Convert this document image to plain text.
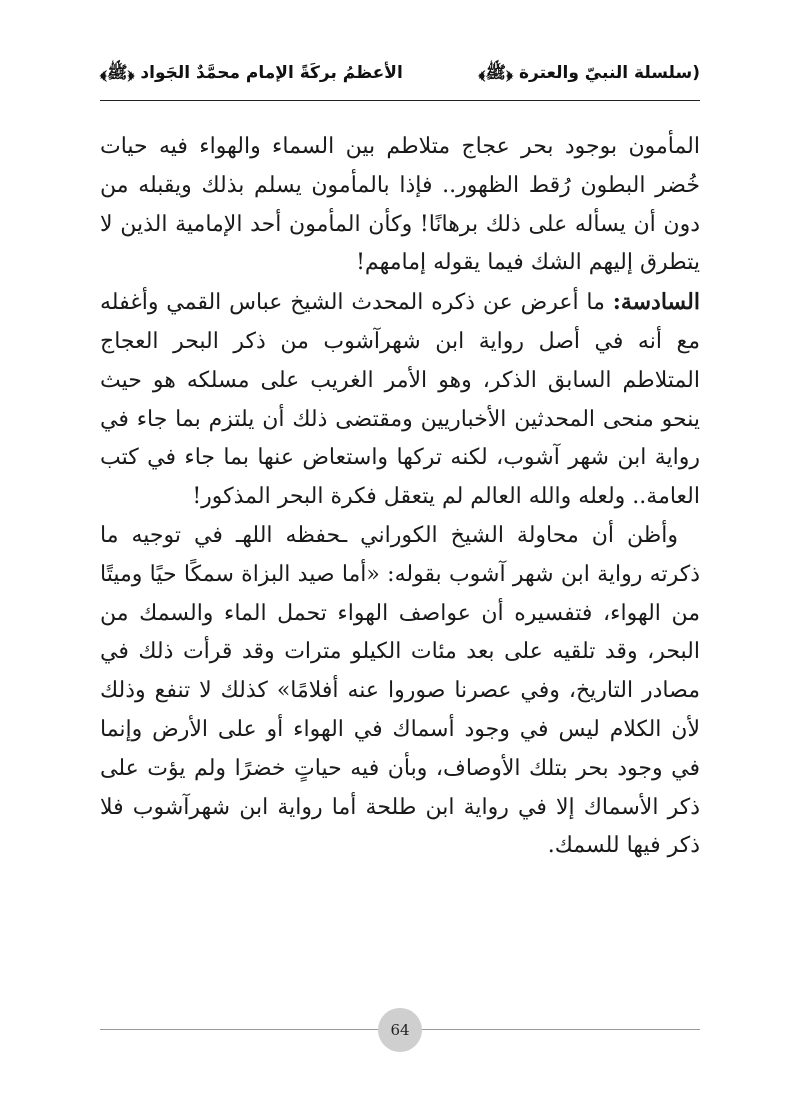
(سلسلة النبيّ والعترة ﴿ﷺ﴾
الأعظمُ بركَةً الإمام محمَّدٌ الجَواد ﴿ﷺ﴾

المأمون بوجود بحر عجاج متلاطم بين السماء والهواء فيه حيات خُضر البطون رُقط الظهور.. فإذا بالمأمون يسلم بذلك ويقبله من دون أن يسأله على ذلك برهانًا! وكأن المأمون أحد الإمامية الذين لا يتطرق إليهم الشك فيما يقوله إمامهم!

السادسة: ما أعرض عن ذكره المحدث الشيخ عباس القمي وأغفله مع أنه في أصل رواية ابن شهرآشوب من ذكر البحر العجاج المتلاطم السابق الذكر، وهو الأمر الغريب على مسلكه هو حيث ينحو منحى المحدثين الأخباريين ومقتضى ذلك أن يلتزم بما جاء في رواية ابن شهر آشوب، لكنه تركها واستعاض عنها بما جاء في كتب العامة.. ولعله والله العالم لم يتعقل فكرة البحر المذكور!

وأظن أن محاولة الشيخ الكوراني ـحفظه اللهـ في توجيه ما ذكرته رواية ابن شهر آشوب بقوله: «أما صيد البزاة سمكًا حيًا وميتًا من الهواء، فتفسيره أن عواصف الهواء تحمل الماء والسمك من البحر، وقد تلقيه على بعد مئات الكيلو مترات وقد قرأت ذلك في مصادر التاريخ، وفي عصرنا صوروا عنه أفلامًا» كذلك لا تنفع وذلك لأن الكلام ليس في وجود أسماك في الهواء أو على الأرض وإنما في وجود بحر بتلك الأوصاف، وبأن فيه حياتٍ خضرًا ولم يؤت على ذكر الأسماك إلا في رواية ابن طلحة أما رواية ابن شهرآشوب فلا ذكر فيها للسمك.

64
